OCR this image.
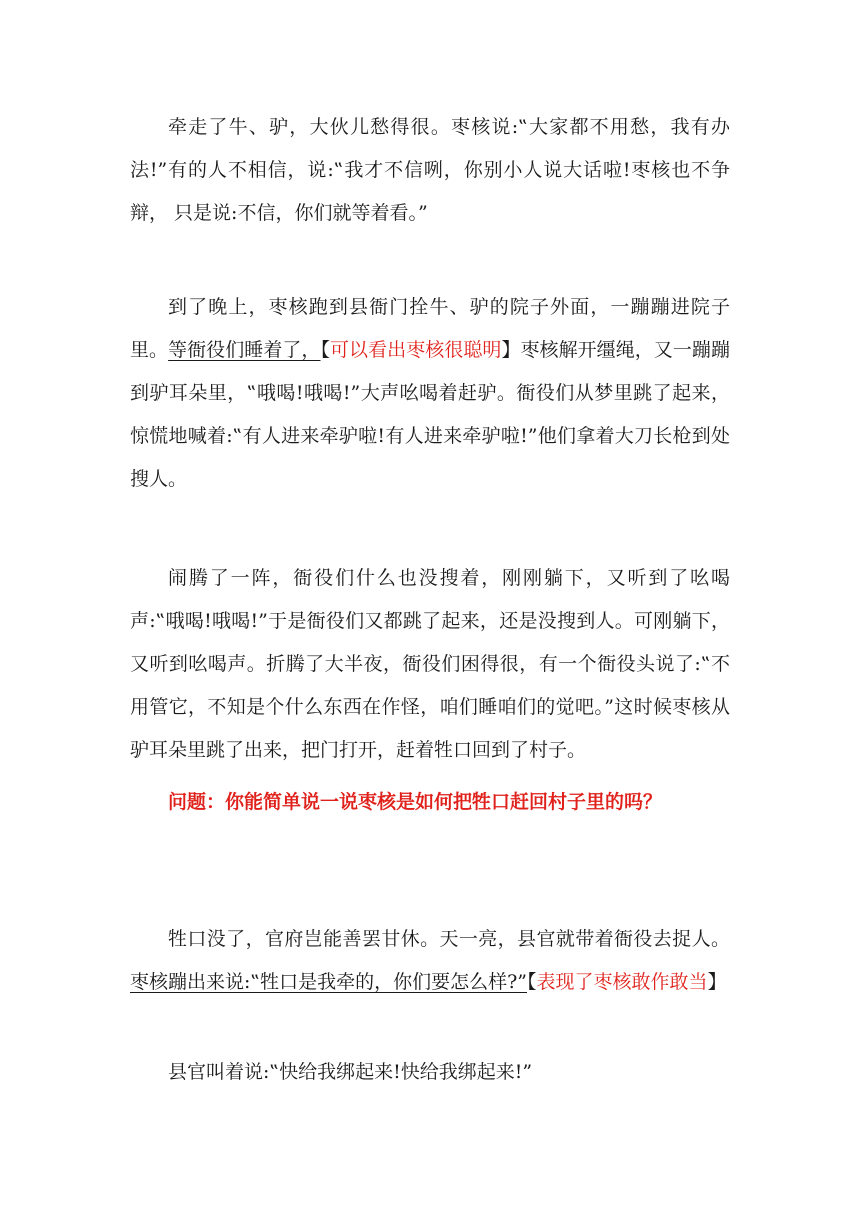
牵走了牛、驴，大伙儿愁得很。枣核说:‟大家都不用愁，我有办法!”有的人不相信，说:‟我才不信咧，你别小人说大话啦!枣核也不争辩， 只是说:不信，你们就等着看。”

到了晚上，枣核跑到县衙门拴牛、驴的院子外面，一蹦蹦进院子里。等衙役们睡着了，【可以看出枣核很聪明】枣核解开缰绳，又一蹦蹦到驴耳朵里，‟哦喝!哦喝!”大声吆喝着赶驴。衙役们从梦里跳了起来，惊慌地喊着:‟有人进来牵驴啦!有人进来牵驴啦!”他们拿着大刀长枪到处搜人。

闹腾了一阵，衙役们什么也没搜着，刚刚躺下，又听到了吆喝声:‟哦喝!哦喝!”于是衙役们又都跳了起来，还是没搜到人。可刚躺下，又听到吆喝声。折腾了大半夜，衙役们困得很，有一个衙役头说了:‟不用管它，不知是个什么东西在作怪，咱们睡咱们的觉吧。”这时候枣核从驴耳朵里跳了出来，把门打开，赶着牲口回到了村子。

问题：你能简单说一说枣核是如何把牲口赶回村子里的吗？

牲口没了，官府岂能善罢甘休。天一亮，县官就带着衙役去捉人。枣核蹦出来说:‟牲口是我牵的，你们要怎么样?”【表现了枣核敢作敢当】

县官叫着说:‟快给我绑起来!快给我绑起来!”
